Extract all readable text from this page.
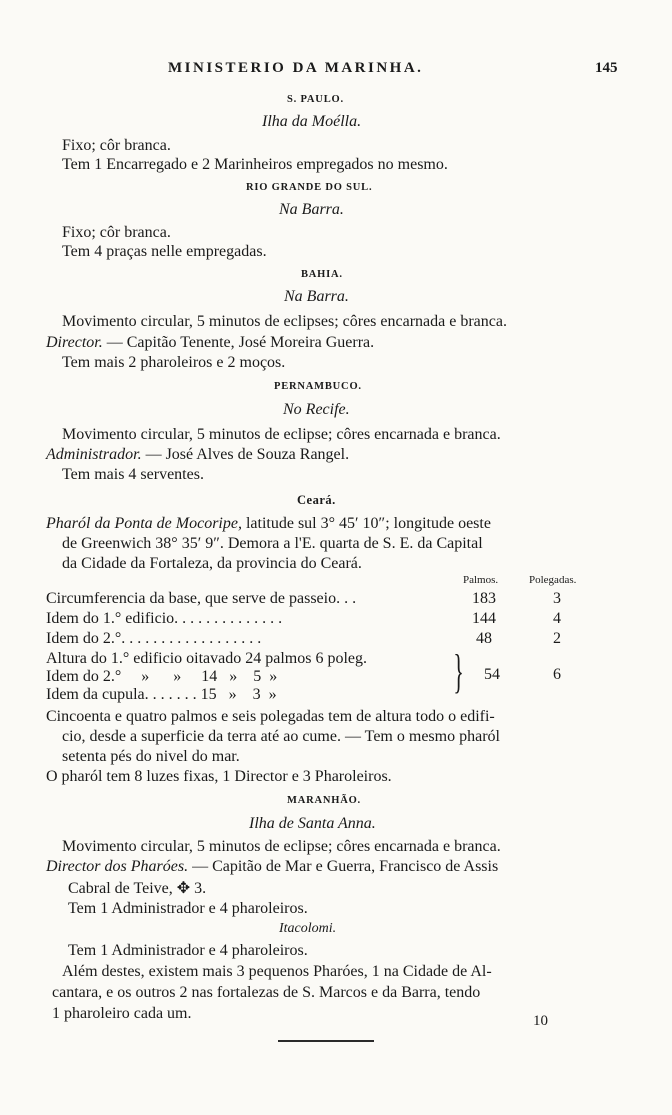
MINISTERIO DA MARINHA.	145
S. PAULO.
Ilha da Moélla.
Fixo; côr branca.
Tem 1 Encarregado e 2 Marinheiros empregados no mesmo.
RIO GRANDE DO SUL.
Na Barra.
Fixo; côr branca.
Tem 4 praças nelle empregadas.
BAHIA.
Na Barra.
Movimento circular, 5 minutos de eclipses; côres encarnada e branca.
Director. — Capitão Tenente, José Moreira Guerra.
Tem mais 2 pharoleiros e 2 moços.
PERNAMBUCO.
No Recife.
Movimento circular, 5 minutos de eclipse; côres encarnada e branca.
Administrador. — José Alves de Souza Rangel.
Tem mais 4 serventes.
Ceará.
Pharól da Ponta de Mocoripe, latitude sul 3° 45′ 10″; longitude oeste
de Greenwich 38° 35′ 9″. Demora a l'E. quarta de S. E. da Capital
da Cidade da Fortaleza, da provincia do Ceará.
Palmos.	Polegadas.
Circumferencia da base, que serve de passeio. . .	183	3
Idem do 1.° edificio. . . . . . . . . . . . . .	144	4
Idem do 2.°. . . . . . . . . . . . . . . . . .	48	2
Altura do 1.° edificio oitavado 24 palmos 6 poleg.
Idem do 2.°     »      »     14   »    5  »
Idem da cupula. . . . . . . 15   »    3  »	}	54	6
Cincoenta e quatro palmos e seis polegadas tem de altura todo o edifi-
cio, desde a superficie da terra até ao cume. — Tem o mesmo pharól
setenta pés do nivel do mar.
O pharól tem 8 luzes fixas, 1 Director e 3 Pharoleiros.
MARANHÃO.
Ilha de Santa Anna.
Movimento circular, 5 minutos de eclipse; côres encarnada e branca.
Director dos Pharóes. — Capitão de Mar e Guerra, Francisco de Assis
Cabral de Teive, ✥ 3.
Tem 1 Administrador e 4 pharoleiros.
Itacolomi.
Tem 1 Administrador e 4 pharoleiros.
Além destes, existem mais 3 pequenos Pharóes, 1 na Cidade de Al-
cantara, e os outros 2 nas fortalezas de S. Marcos e da Barra, tendo
1 pharoleiro cada um.	10
